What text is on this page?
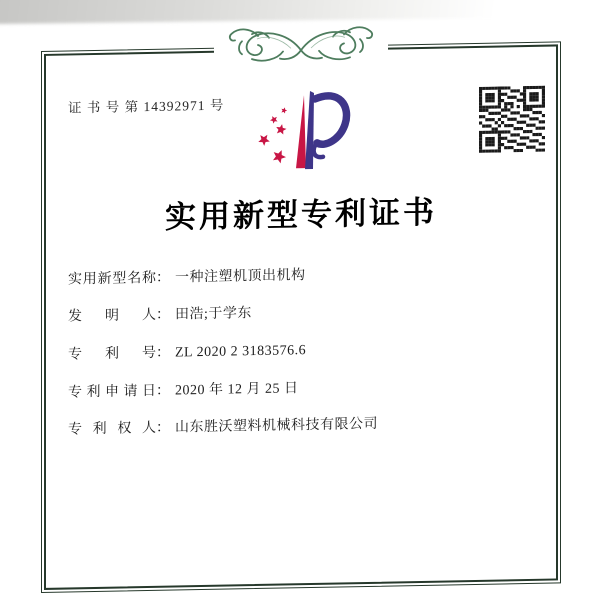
证 书 号 第 14392971 号
实用新型专利证书
实用新型名称： 一种注塑机顶出机构
发明人： 田浩;于学东
专利号： ZL 2020 2 3183576.6
专利申请日： 2020 年 12 月 25 日
专利权人： 山东胜沃塑料机械科技有限公司
